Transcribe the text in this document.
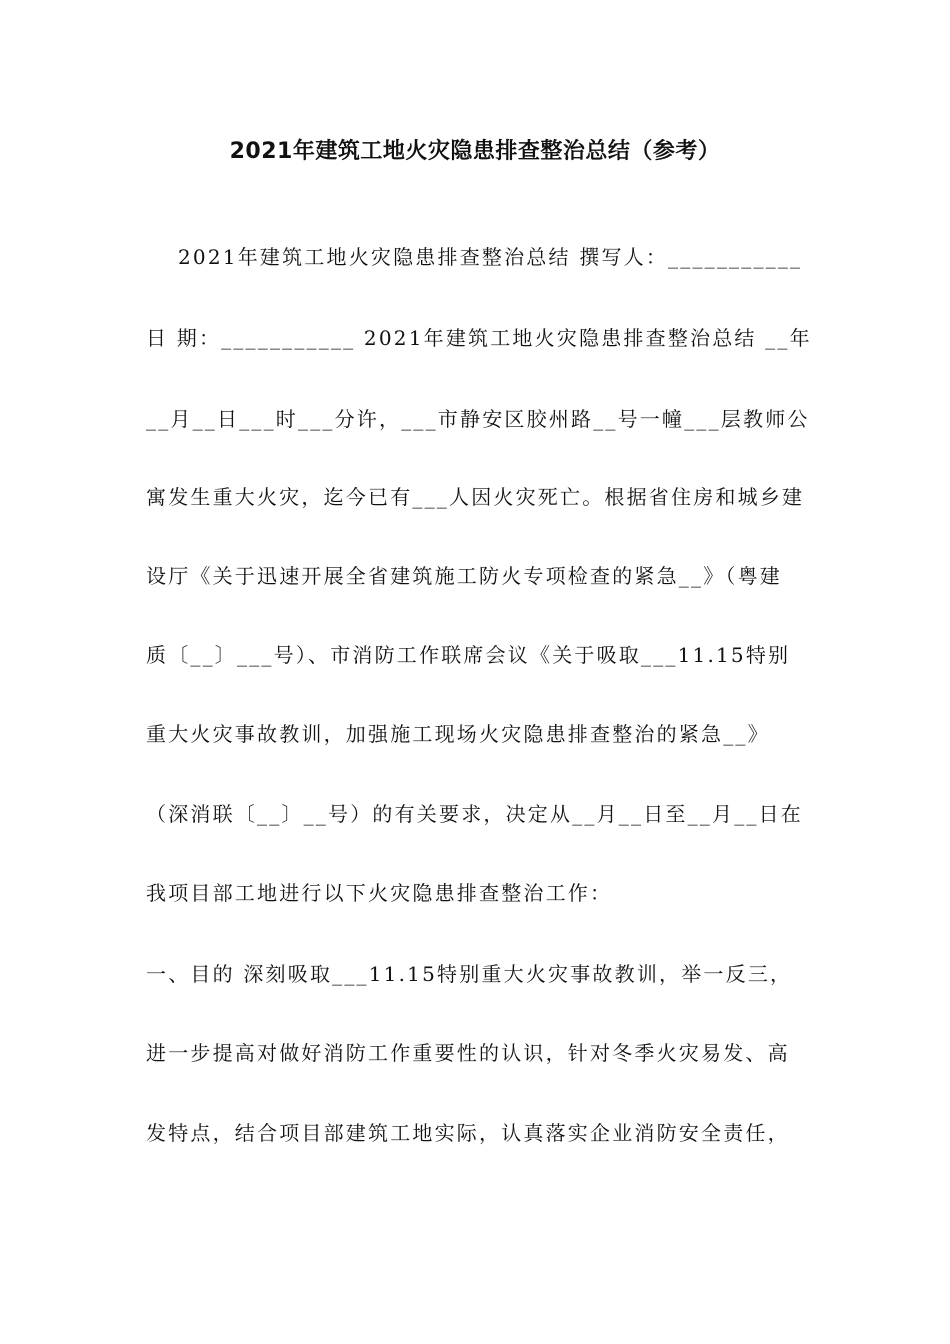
2021年建筑工地火灾隐患排查整治总结（参考）
2021年建筑工地火灾隐患排查整治总结 撰写人：___________
日 期：___________ 2021年建筑工地火灾隐患排查整治总结 __年
__月__日___时___分许，___市静安区胶州路__号一幢___层教师公
寓发生重大火灾，迄今已有___人因火灾死亡。根据省住房和城乡建
设厅《关于迅速开展全省建筑施工防火专项检查的紧急__》（粤建
质〔__〕___号）、市消防工作联席会议《关于吸取___11.15特别
重大火灾事故教训，加强施工现场火灾隐患排查整治的紧急__》
（深消联〔__〕__号）的有关要求，决定从__月__日至__月__日在
我项目部工地进行以下火灾隐患排查整治工作：
一、目的 深刻吸取___11.15特别重大火灾事故教训，举一反三，
进一步提高对做好消防工作重要性的认识，针对冬季火灾易发、高
发特点，结合项目部建筑工地实际，认真落实企业消防安全责任，
